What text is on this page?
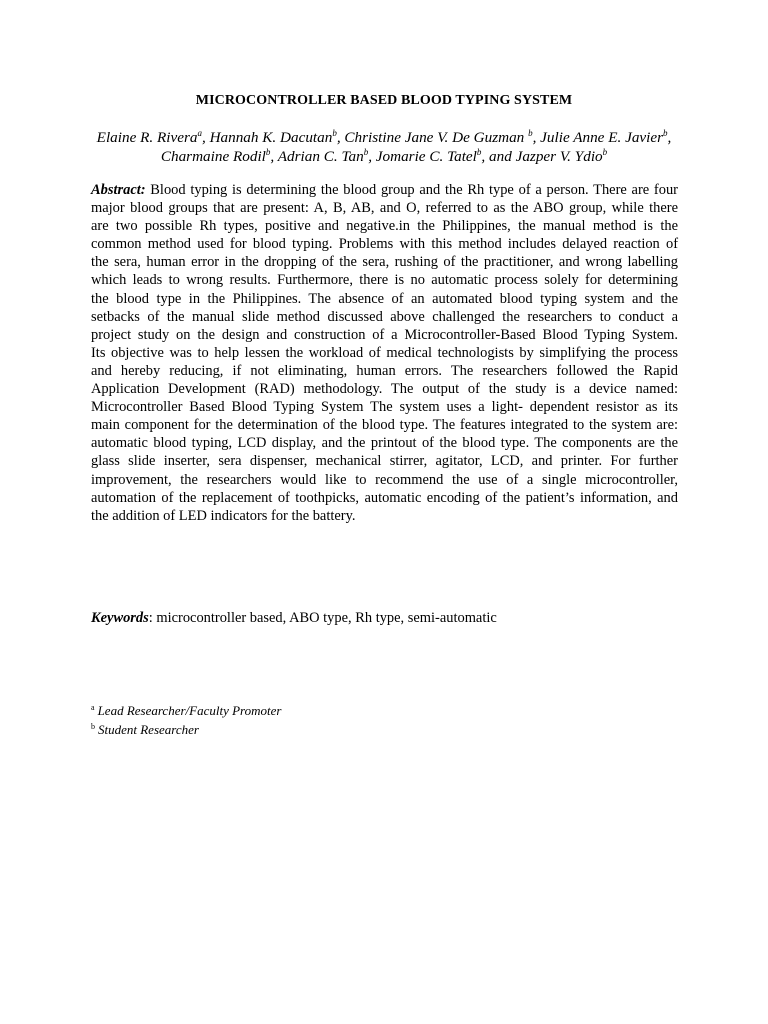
MICROCONTROLLER BASED BLOOD TYPING SYSTEM
Elaine R. Rivera$^a$, Hannah K. Dacutan$^b$, Christine Jane V. De Guzman $^b$, Julie Anne E. Javier$^b$,
Charmaine Rodil$^b$, Adrian C. Tan$^b$, Jomarie C. Tatel$^b$, and Jazper V. Ydio$^b$
Abstract: Blood typing is determining the blood group and the Rh type of a person. There are four
major blood groups that are present: A, B, AB, and O, referred to as the ABO group, while there
are two possible Rh types, positive and negative.in the Philippines, the manual method is the
common method used for blood typing. Problems with this method includes delayed reaction of
the sera, human error in the dropping of the sera, rushing of the practitioner, and wrong labelling
which leads to wrong results. Furthermore, there is no automatic process solely for determining
the blood type in the Philippines. The absence of an automated blood typing system and the
setbacks of the manual slide method discussed above challenged the researchers to conduct a
project study on the design and construction of a Microcontroller-Based Blood Typing System.
Its objective was to help lessen the workload of medical technologists by simplifying the process
and hereby reducing, if not eliminating, human errors. The researchers followed the Rapid
Application Development (RAD) methodology. The output of the study is a device named:
Microcontroller Based Blood Typing System The system uses a light- dependent resistor as its
main component for the determination of the blood type. The features integrated to the system are:
automatic blood typing, LCD display, and the printout of the blood type. The components are the
glass slide inserter, sera dispenser, mechanical stirrer, agitator, LCD, and printer. For further
improvement, the researchers would like to recommend the use of a single microcontroller,
automation of the replacement of toothpicks, automatic encoding of the patient’s information, and
the addition of LED indicators for the battery.
Keywords: microcontroller based, ABO type, Rh type, semi-automatic
$^a$ Lead Researcher/Faculty Promoter
$^b$ Student Researcher
